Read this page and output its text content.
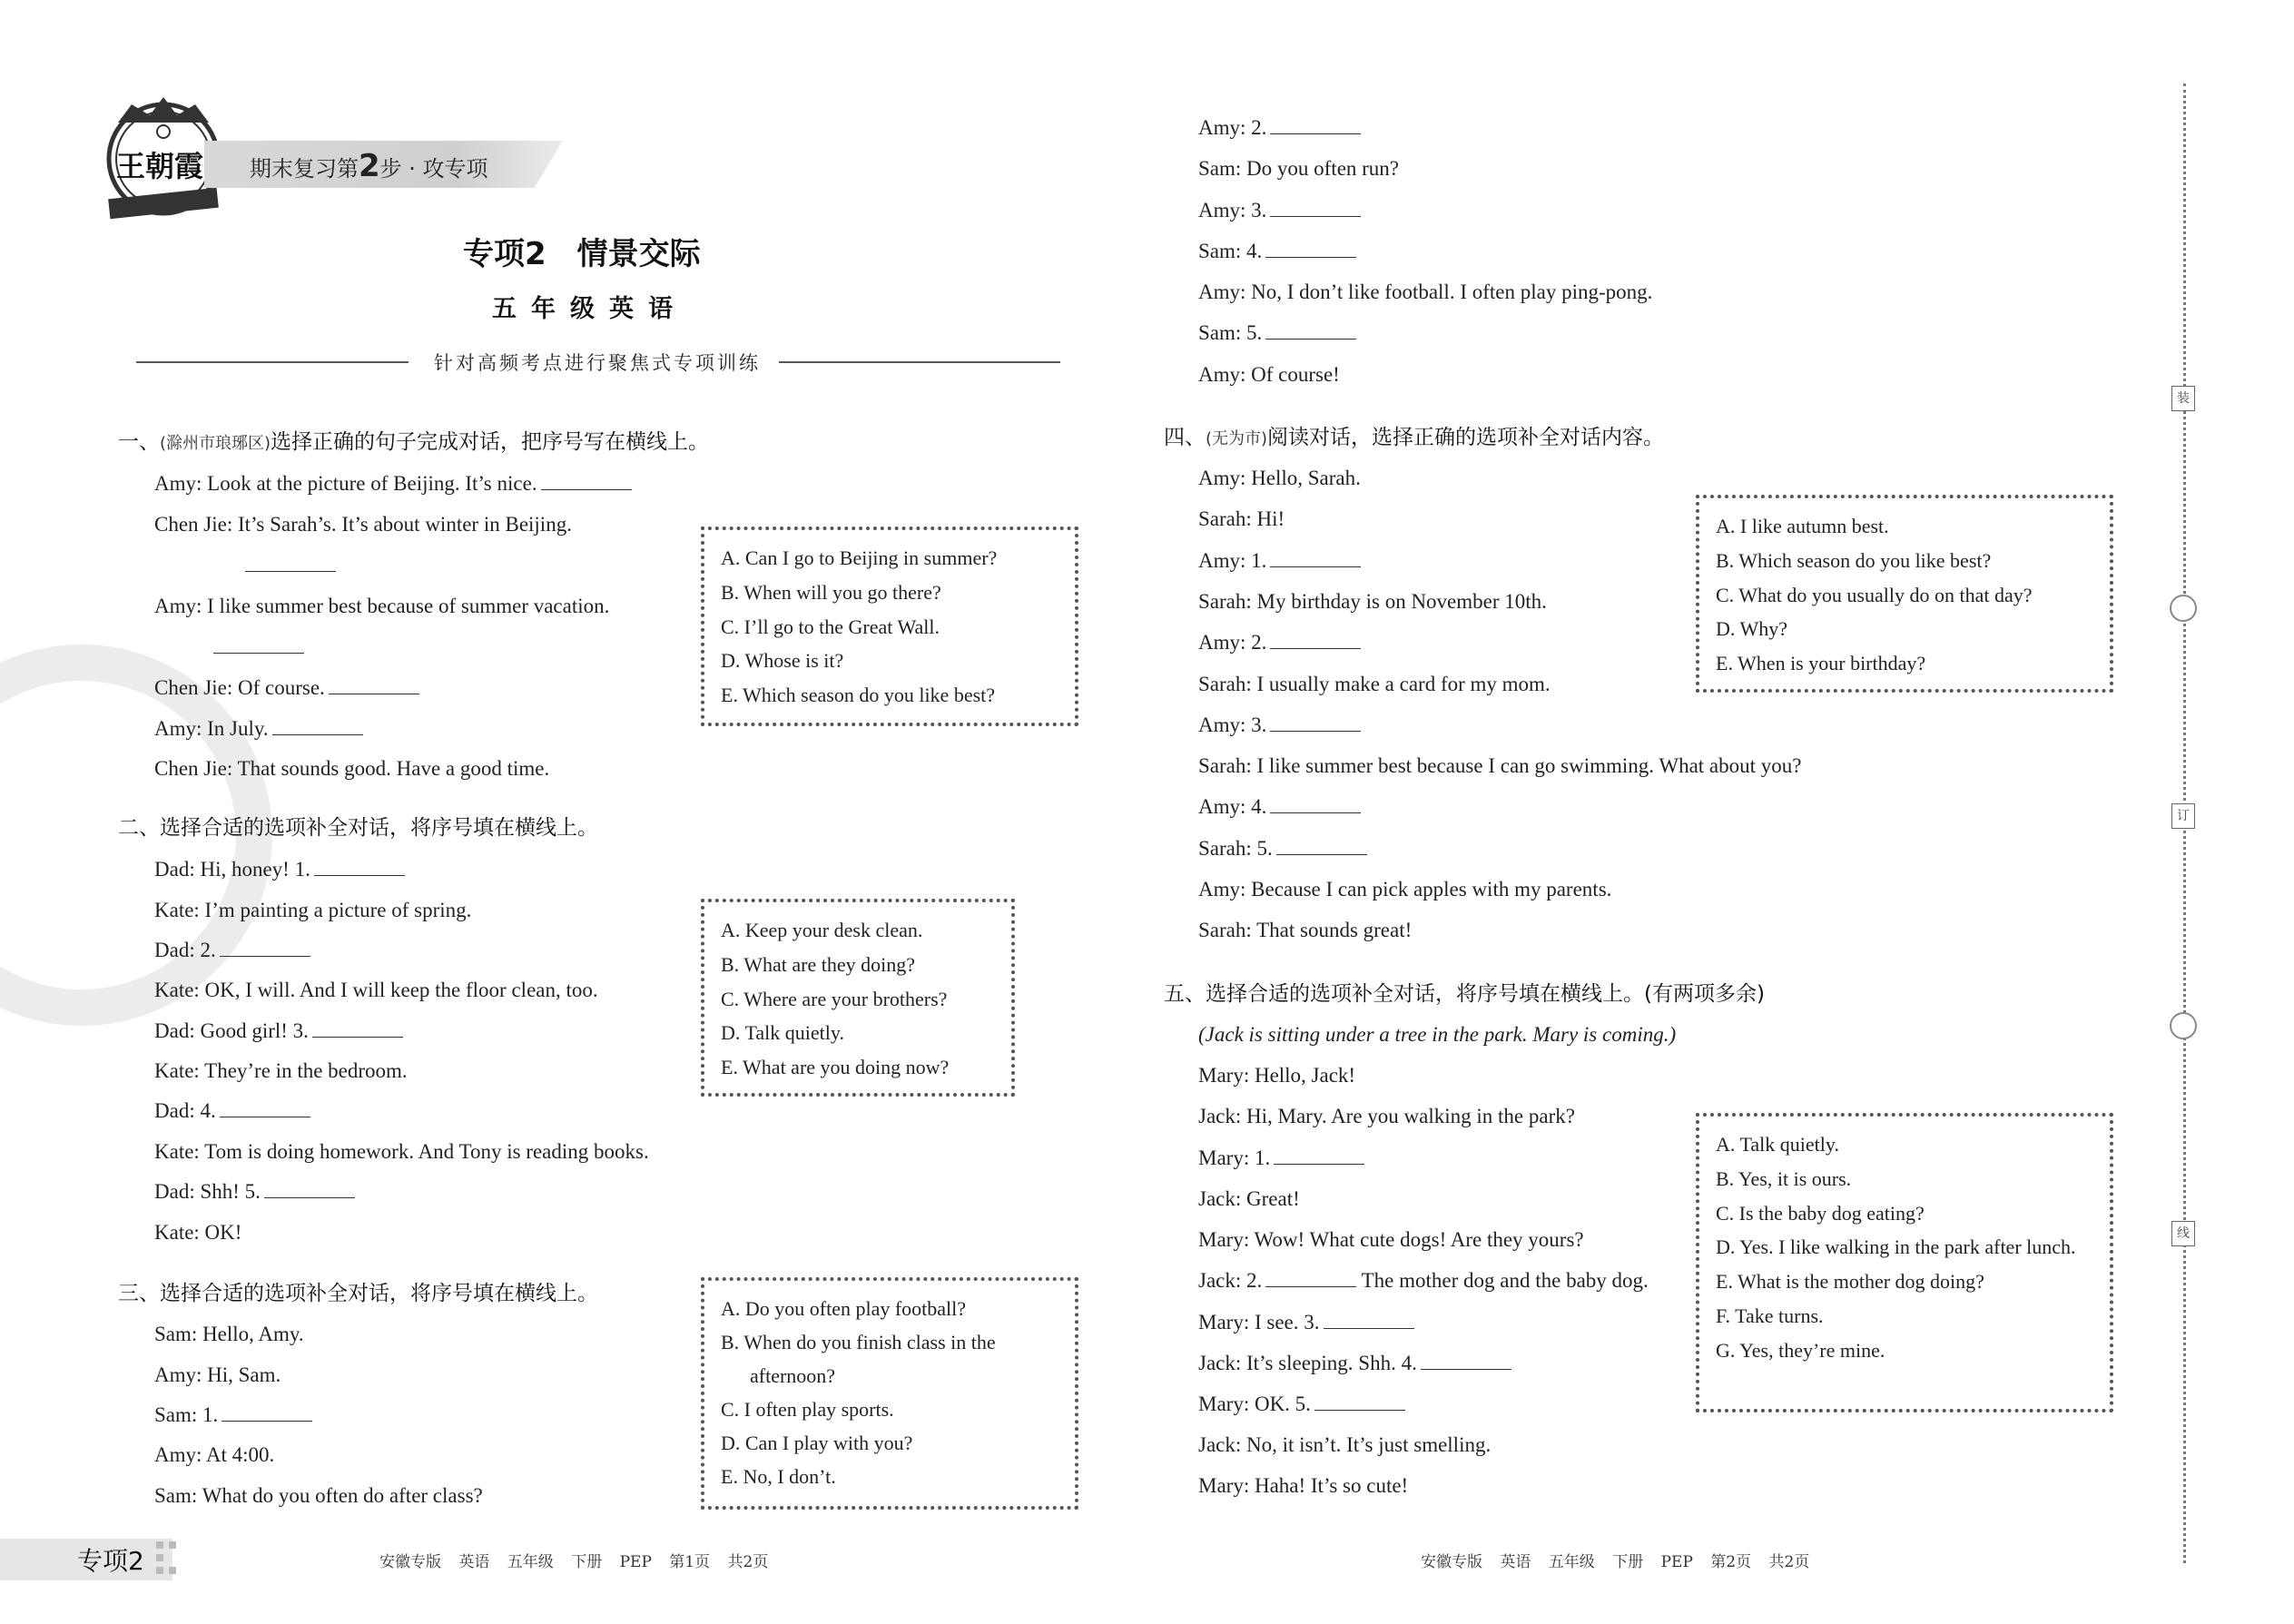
王朝霞 期末复习第2步 · 攻专项
专项2　情景交际
五年级英语
针对高频考点进行聚焦式专项训练
一、(滁州市琅琊区)选择正确的句子完成对话，把序号写在横线上。
Amy: Look at the picture of Beijing. It’s nice.
Chen Jie: It’s Sarah’s. It’s about winter in Beijing.
Amy: I like summer best because of summer vacation.
Chen Jie: Of course.
Amy: In July.
Chen Jie: That sounds good. Have a good time.
A. Can I go to Beijing in summer?
B. When will you go there?
C. I’ll go to the Great Wall.
D. Whose is it?
E. Which season do you like best?
二、选择合适的选项补全对话，将序号填在横线上。
Dad: Hi, honey! 1.
Kate: I’m painting a picture of spring.
Dad: 2.
Kate: OK, I will. And I will keep the floor clean, too.
Dad: Good girl! 3.
Kate: They’re in the bedroom.
Dad: 4.
Kate: Tom is doing homework. And Tony is reading books.
Dad: Shh! 5.
Kate: OK!
A. Keep your desk clean.
B. What are they doing?
C. Where are your brothers?
D. Talk quietly.
E. What are you doing now?
三、选择合适的选项补全对话，将序号填在横线上。
Sam: Hello, Amy.
Amy: Hi, Sam.
Sam: 1.
Amy: At 4:00.
Sam: What do you often do after class?
A. Do you often play football?
B. When do you finish class in the afternoon?
C. I often play sports.
D. Can I play with you?
E. No, I don’t.
Amy: 2.
Sam: Do you often run?
Amy: 3.
Sam: 4.
Amy: No, I don’t like football. I often play ping-pong.
Sam: 5.
Amy: Of course!
四、(无为市)阅读对话，选择正确的选项补全对话内容。
Amy: Hello, Sarah.
Sarah: Hi!
Amy: 1.
Sarah: My birthday is on November 10th.
Amy: 2.
Sarah: I usually make a card for my mom.
Amy: 3.
Sarah: I like summer best because I can go swimming. What about you?
Amy: 4.
Sarah: 5.
Amy: Because I can pick apples with my parents.
Sarah: That sounds great!
A. I like autumn best.
B. Which season do you like best?
C. What do you usually do on that day?
D. Why?
E. When is your birthday?
五、选择合适的选项补全对话，将序号填在横线上。(有两项多余)
(Jack is sitting under a tree in the park. Mary is coming.)
Mary: Hello, Jack!
Jack: Hi, Mary. Are you walking in the park?
Mary: 1.
Jack: Great!
Mary: Wow! What cute dogs! Are they yours?
Jack: 2.	The mother dog and the baby dog.
Mary: I see. 3.
Jack: It’s sleeping. Shh. 4.
Mary: OK. 5.
Jack: No, it isn’t. It’s just smelling.
Mary: Haha! It’s so cute!
A. Talk quietly.
B. Yes, it is ours.
C. Is the baby dog eating?
D. Yes. I like walking in the park after lunch.
E. What is the mother dog doing?
F. Take turns.
G. Yes, they’re mine.
装
订
线
专项2	安徽专版 英语 五年级 下册 PEP 第1页 共2页	安徽专版 英语 五年级 下册 PEP 第2页 共2页
